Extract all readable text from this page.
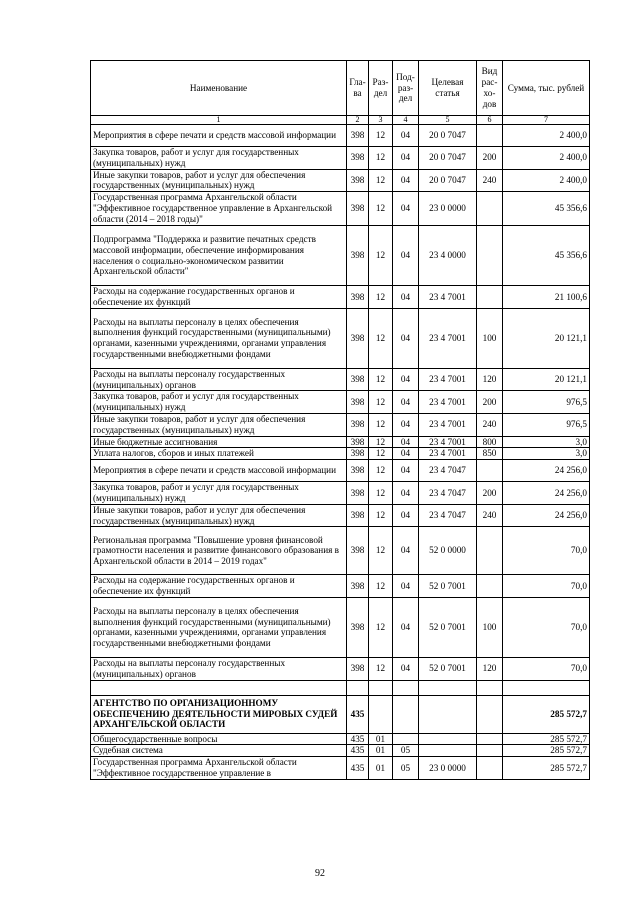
Наименование	Гла-ва	Раз-дел	Под-раз-дел	Целевая статья	Вид рас-хо-дов	Сумма, тыс. рублей
1	2	3	4	5	6	7
Мероприятия в сфере печати и средств массовой информации	398	12	04	20 0 7047		2 400,0
Закупка товаров, работ и услуг для государственных (муниципальных) нужд	398	12	04	20 0 7047	200	2 400,0
Иные закупки товаров, работ и услуг для обеспечения государственных (муниципальных) нужд	398	12	04	20 0 7047	240	2 400,0
Государственная программа Архангельской области "Эффективное государственное управление в Архангельской области (2014 – 2018 годы)"	398	12	04	23 0 0000		45 356,6
Подпрограмма "Поддержка и развитие печатных средств массовой информации, обеспечение информирования населения о социально-экономическом развитии Архангельской области"	398	12	04	23 4 0000		45 356,6
Расходы на содержание государственных органов и обеспечение их функций	398	12	04	23 4 7001		21 100,6
Расходы на выплаты персоналу в целях обеспечения выполнения функций государственными (муниципальными) органами, казенными учреждениями, органами управления государственными внебюджетными фондами	398	12	04	23 4 7001	100	20 121,1
Расходы на выплаты персоналу государственных (муниципальных) органов	398	12	04	23 4 7001	120	20 121,1
Закупка товаров, работ и услуг для государственных (муниципальных) нужд	398	12	04	23 4 7001	200	976,5
Иные закупки товаров, работ и услуг для обеспечения государственных (муниципальных) нужд	398	12	04	23 4 7001	240	976,5
Иные бюджетные ассигнования	398	12	04	23 4 7001	800	3,0
Уплата налогов, сборов и иных платежей	398	12	04	23 4 7001	850	3,0
Мероприятия в сфере печати и средств массовой информации	398	12	04	23 4 7047		24 256,0
Закупка товаров, работ и услуг для государственных (муниципальных) нужд	398	12	04	23 4 7047	200	24 256,0
Иные закупки товаров, работ и услуг для обеспечения государственных (муниципальных) нужд	398	12	04	23 4 7047	240	24 256,0
Региональная программа "Повышение уровня финансовой грамотности населения и развитие финансового образования в Архангельской области в 2014 – 2019 годах"	398	12	04	52 0 0000		70,0
Расходы на содержание государственных органов и обеспечение их функций	398	12	04	52 0 7001		70,0
Расходы на выплаты персоналу в целях обеспечения выполнения функций государственными (муниципальными) органами, казенными учреждениями, органами управления государственными внебюджетными фондами	398	12	04	52 0 7001	100	70,0
Расходы на выплаты персоналу государственных (муниципальных) органов	398	12	04	52 0 7001	120	70,0

АГЕНТСТВО ПО ОРГАНИЗАЦИОННОМУ ОБЕСПЕЧЕНИЮ ДЕЯТЕЛЬНОСТИ МИРОВЫХ СУДЕЙ АРХАНГЕЛЬСКОЙ ОБЛАСТИ	435					285 572,7
Общегосударственные вопросы	435	01				285 572,7
Судебная система	435	01	05			285 572,7
Государственная программа Архангельской области "Эффективное государственное управление в	435	01	05	23 0 0000		285 572,7
92
